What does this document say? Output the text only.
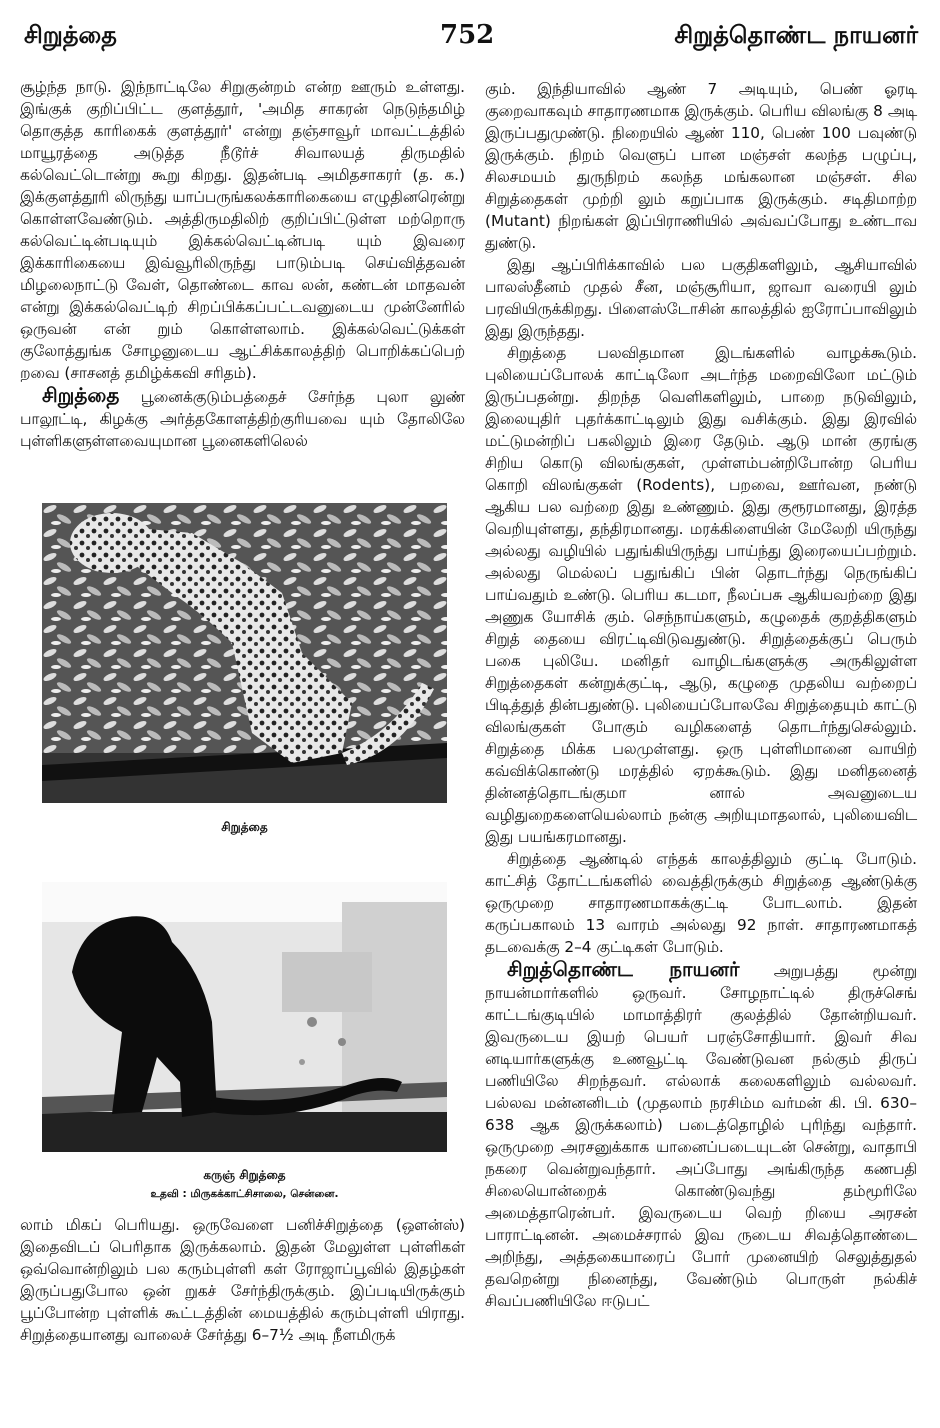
சிறுத்தை	752	சிறுத்தொண்ட நாயனர்

சூழ்ந்த நாடு. இந்நாட்டிலே சிறுகுன்றம் என்ற ஊரும் உள்ளது. இங்குக் குறிப்பிட்ட குளத்தூர், 'அமித சாகரன் நெடுந்தமிழ் தொகுத்த காரிகைக் குளத்தூர்' என்று தஞ்சாவூர் மாவட்டத்தில் மாயூரத்தை அடுத்த நீடூர்ச் சிவாலயத் திருமதில் கல்வெட்டொன்று கூறு கிறது. இதன்படி அமிதசாகரர் (த. க.) இக்குளத்தூரி லிருந்து யாப்பருங்கலக்காரிகையை எழுதினரென்று கொள்ளவேண்டும். அத்திருமதிலிற் குறிப்பிட்டுள்ள மற்றொரு கல்வெட்டின்படியும் இக்கல்வெட்டின்படி யும் இவரை இக்காரிகையை இவ்வூரிலிருந்து பாடும்படி செய்வித்தவன் மிழலைநாட்டு வேள், தொண்டை காவ லன், கண்டன் மாதவன் என்று இக்கல்வெட்டிற் சிறப்பிக்கப்பட்டவனுடைய முன்னேரில் ஒருவன் என் றும் கொள்ளலாம். இக்கல்வெட்டுக்கள் குலோத்துங்க சோழனுடைய ஆட்சிக்காலத்திற் பொறிக்கப்பெற் றவை (சாசனத் தமிழ்க்கவி சரிதம்).

சிறுத்தை பூனைக்குடும்பத்தைச் சேர்ந்த புலா லுண் பாலூட்டி, கிழக்கு அர்த்தகோளத்திற்குரியவை யும் தோலிலே புள்ளிகளுள்ளவையுமான பூனைகளிலெல்

சிறுத்தை
கருஞ் சிறுத்தை
உதவி : மிருகக்காட்சிசாலை, சென்னை.

லாம் மிகப் பெரியது. ஒருவேளை பனிச்சிறுத்தை (ஔன்ஸ்) இதைவிடப் பெரிதாக இருக்கலாம். இதன் மேலுள்ள புள்ளிகள் ஒவ்வொன்றிலும் பல கரும்புள்ளி கள் ரோஜாப்பூவில் இதழ்கள் இருப்பதுபோல ஒன் றுகச் சேர்ந்திருக்கும். இப்படியிருக்கும் பூப்போன்ற புள்ளிக் கூட்டத்தின் மையத்தில் கரும்புள்ளி யிராது. சிறுத்தையானது வாலைச் சேர்த்து 6–7½ அடி நீளமிருக்

கும். இந்தியாவில் ஆண் 7 அடியும், பெண் ஓரடி குறைவாகவும் சாதாரணமாக இருக்கும். பெரிய விலங்கு 8 அடி இருப்பதுமுண்டு. நிறையில் ஆண் 110, பெண் 100 பவுண்டு இருக்கும். நிறம் வெளுப் பான மஞ்சள் கலந்த பழுப்பு, சிலசமயம் துருநிறம் கலந்த மங்கலான மஞ்சள். சில சிறுத்தைகள் முற்றி லும் கறுப்பாக இருக்கும். சடிதிமாற்ற (Mutant) நிறங்கள் இப்பிராணியில் அவ்வப்போது உண்டாவ துண்டு.

இது ஆப்பிரிக்காவில் பல பகுதிகளிலும், ஆசியாவில் பாலஸ்தீனம் முதல் சீன, மஞ்சூரியா, ஜாவா வரையி லும் பரவியிருக்கிறது. பிளைஸ்டோசின் காலத்தில் ஐரோப்பாவிலும் இது இருந்தது.

சிறுத்தை பலவிதமான இடங்களில் வாழக்கூடும். புலியைப்போலக் காட்டிலோ அடர்ந்த மறைவிலோ மட்டும் இருப்பதன்று. திறந்த வெளிகளிலும், பாறை நடுவிலும், இலையுதிர் புதர்க்காட்டிலும் இது வசிக்கும். இது இரவில் மட்டுமன்றிப் பகலிலும் இரை தேடும். ஆடு மான் குரங்கு சிறிய கொடு விலங்குகள், முள்ளம்பன்றிபோன்ற பெரிய கொறி விலங்குகள் (Rodents), பறவை, ஊர்வன, நண்டு ஆகிய பல வற்றை இது உண்ணும். இது குரூரமானது, இரத்த வெறியுள்ளது, தந்திரமானது. மரக்கிளையின் மேலேறி யிருந்து அல்லது வழியில் பதுங்கியிருந்து பாய்ந்து இரையைப்பற்றும். அல்லது மெல்லப் பதுங்கிப் பின் தொடர்ந்து நெருங்கிப் பாய்வதும் உண்டு. பெரிய கடமா, நீலப்பசு ஆகியவற்றை இது அணுக யோசிக் கும். செந்நாய்களும், கழுதைக் குறத்திகளும் சிறுத் தையை விரட்டிவிடுவதுண்டு. சிறுத்தைக்குப் பெரும் பகை புலியே. மனிதர் வாழிடங்களுக்கு அருகிலுள்ள சிறுத்தைகள் கன்றுக்குட்டி, ஆடு, கழுதை முதலிய வற்றைப் பிடித்துத் தின்பதுண்டு. புலியைப்போலவே சிறுத்தையும் காட்டு விலங்குகள் போகும் வழிகளைத் தொடர்ந்துசெல்லும். சிறுத்தை மிக்க பலமுள்ளது. ஒரு புள்ளிமானை வாயிற் கவ்விக்கொண்டு மரத்தில் ஏறக்கூடும். இது மனிதனைத் தின்னத்தொடங்குமா னால் அவனுடைய வழிதுறைகளையெல்லாம் நன்கு அறியுமாதலால், புலியைவிட இது பயங்கரமானது.

சிறுத்தை ஆண்டில் எந்தக் காலத்திலும் குட்டி போடும். காட்சித் தோட்டங்களில் வைத்திருக்கும் சிறுத்தை ஆண்டுக்கு ஒருமுறை சாதாரணமாகக்குட்டி போடலாம். இதன் கருப்பகாலம் 13 வாரம் அல்லது 92 நாள். சாதாரணமாகத் தடவைக்கு 2–4 குட்டிகள் போடும்.

சிறுத்தொண்ட நாயனர் அறுபத்து மூன்று நாயன்மார்களில் ஒருவர். சோழநாட்டில் திருச்செங் காட்டங்குடியில் மாமாத்திரர் குலத்தில் தோன்றியவர். இவருடைய இயற் பெயர் பரஞ்சோதியார். இவர் சிவ னடியார்களுக்கு உணவூட்டி வேண்டுவன நல்கும் திருப் பணியிலே சிறந்தவர். எல்லாக் கலைகளிலும் வல்லவர். பல்லவ மன்னனிடம் (முதலாம் நரசிம்ம வர்மன் கி. பி. 630–638 ஆக இருக்கலாம்) படைத்தொழில் புரிந்து வந்தார். ஒருமுறை அரசனுக்காக யானைப்படையுடன் சென்று, வாதாபி நகரை வென்றுவந்தார். அப்போது அங்கிருந்த கணபதி சிலையொன்றைக் கொண்டுவந்து தம்மூரிலே அமைத்தாரென்பர். இவருடைய வெற் றியை அரசன் பாராட்டினன். அமைச்சரால் இவ ருடைய சிவத்தொண்டை அறிந்து, அத்தகையாரைப் போர் முனையிற் செலுத்துதல் தவறென்று நினைந்து, வேண்டும் பொருள் நல்கிச் சிவப்பணியிலே ஈடுபட்
